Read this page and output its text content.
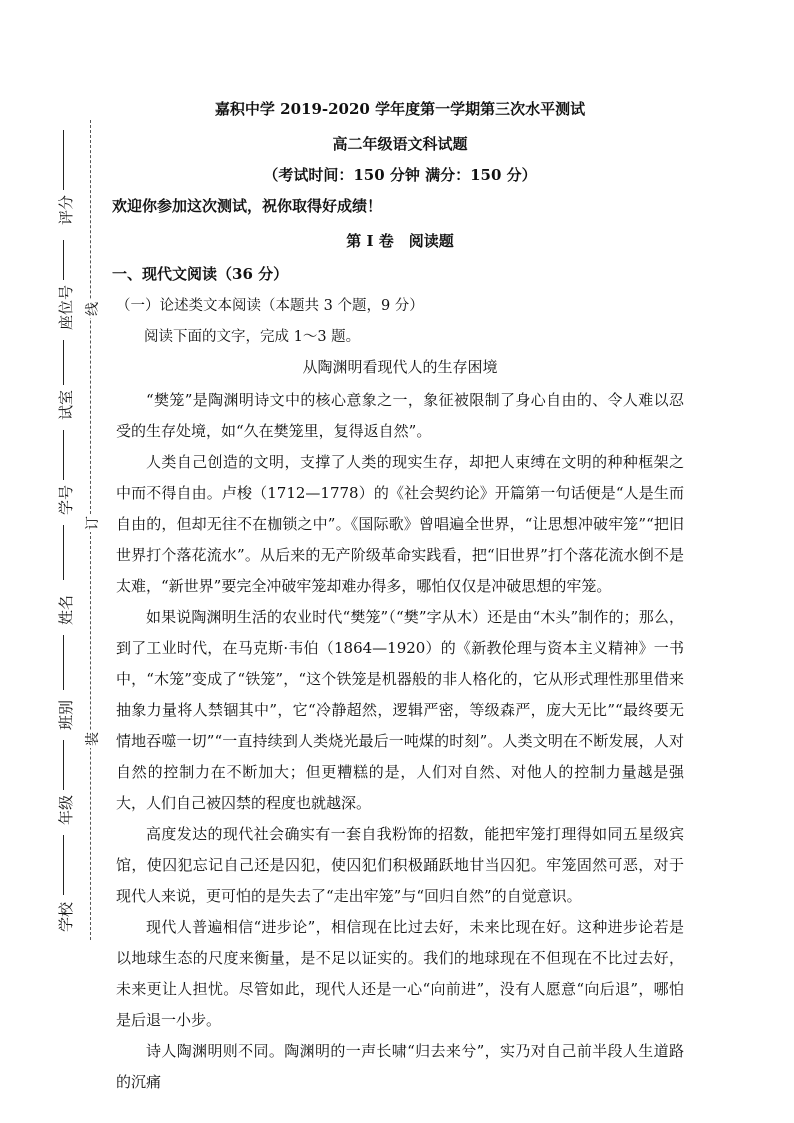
评分
座位号
试室
学号
姓名
班别
年级
学校
线
订
装
嘉积中学 2019-2020 学年度第一学期第三次水平测试
高二年级语文科试题
（考试时间：150 分钟 满分：150 分）
欢迎你参加这次测试，祝你取得好成绩！
第 I 卷　阅读题
一、现代文阅读（36 分）
（一）论述类文本阅读（本题共 3 个题，9 分）
阅读下面的文字，完成 1～3 题。
从陶渊明看现代人的生存困境

“樊笼”是陶渊明诗文中的核心意象之一，象征被限制了身心自由的、令人难以忍受的生存处境，如“久在樊笼里，复得返自然”。

人类自己创造的文明，支撑了人类的现实生存，却把人束缚在文明的种种框架之中而不得自由。卢梭（1712—1778）的《社会契约论》开篇第一句话便是“人是生而自由的，但却无往不在枷锁之中”。《国际歌》曾唱遍全世界，“让思想冲破牢笼”“把旧世界打个落花流水”。从后来的无产阶级革命实践看，把“旧世界”打个落花流水倒不是太难，“新世界”要完全冲破牢笼却难办得多，哪怕仅仅是冲破思想的牢笼。

如果说陶渊明生活的农业时代“樊笼”（“樊”字从木）还是由“木头”制作的；那么，到了工业时代，在马克斯·韦伯（1864—1920）的《新教伦理与资本主义精神》一书中，“木笼”变成了“铁笼”，“这个铁笼是机器般的非人格化的，它从形式理性那里借来抽象力量将人禁锢其中”，它“冷静超然，逻辑严密，等级森严，庞大无比”“最终要无情地吞噬一切”“一直持续到人类烧光最后一吨煤的时刻”。人类文明在不断发展，人对自然的控制力在不断加大；但更糟糕的是，人们对自然、对他人的控制力量越是强大，人们自己被囚禁的程度也就越深。

高度发达的现代社会确实有一套自我粉饰的招数，能把牢笼打理得如同五星级宾馆，使囚犯忘记自己还是囚犯，使囚犯们积极踊跃地甘当囚犯。牢笼固然可恶，对于现代人来说，更可怕的是失去了“走出牢笼”与“回归自然”的自觉意识。

现代人普遍相信“进步论”，相信现在比过去好，未来比现在好。这种进步论若是以地球生态的尺度来衡量，是不足以证实的。我们的地球现在不但现在不比过去好，未来更让人担忧。尽管如此，现代人还是一心“向前进”，没有人愿意“向后退”，哪怕是后退一小步。

诗人陶渊明则不同。陶渊明的一声长啸“归去来兮”，实乃对自己前半段人生道路的沉痛
